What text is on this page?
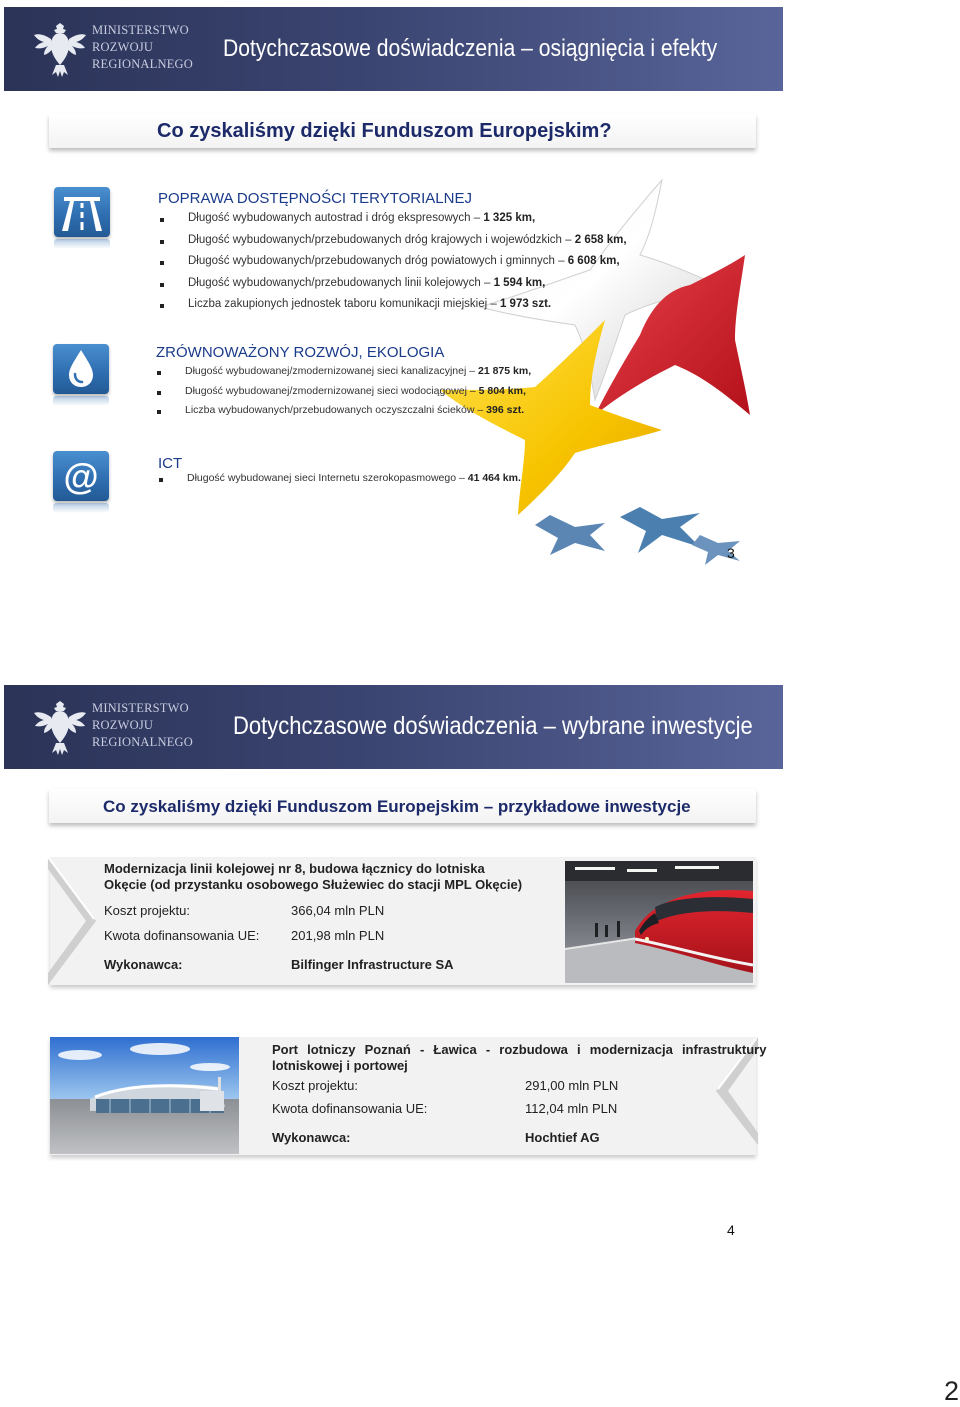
MINISTERSTWO
ROZWOJU
REGIONALNEGO
Dotychczasowe doświadczenia – osiągnięcia i efekty
Co zyskaliśmy dzięki Funduszom Europejskim?
POPRAWA DOSTĘPNOŚCI TERYTORIALNEJ
Długość wybudowanych autostrad i dróg ekspresowych – 1 325 km,
Długość wybudowanych/przebudowanych dróg krajowych i wojewódzkich – 2 658 km,
Długość wybudowanych/przebudowanych dróg powiatowych i gminnych – 6 608 km,
Długość wybudowanych/przebudowanych linii kolejowych – 1 594 km,
Liczba zakupionych jednostek taboru komunikacji miejskiej – 1 973 szt.
ZRÓWNOWAŻONY ROZWÓJ, EKOLOGIA
Długość wybudowanej/zmodernizowanej sieci kanalizacyjnej – 21 875 km,
Długość wybudowanej/zmodernizowanej sieci wodociągowej – 5 804 km,
Liczba wybudowanych/przebudowanych oczyszczalni ścieków – 396 szt.
@	ICT
Długość wybudowanej sieci Internetu szerokopasmowego – 41 464 km.
3
MINISTERSTWO
ROZWOJU
REGIONALNEGO
Dotychczasowe doświadczenia – wybrane inwestycje
Co zyskaliśmy dzięki Funduszom Europejskim – przykładowe inwestycje
Modernizacja linii kolejowej nr 8, budowa łącznicy do lotniska
Okęcie (od przystanku osobowego Służewiec do stacji MPL Okęcie)
Koszt projektu:	366,04 mln PLN
Kwota dofinansowania UE: 201,98 mln PLN
Wykonawca:	Bilfinger Infrastructure SA
Port lotniczy Poznań - Ławica - rozbudowa i modernizacja infrastruktury
lotniskowej i portowej
Koszt projektu:	291,00 mln PLN
Kwota dofinansowania UE:	112,04 mln PLN
Wykonawca:	Hochtief AG
4
2
